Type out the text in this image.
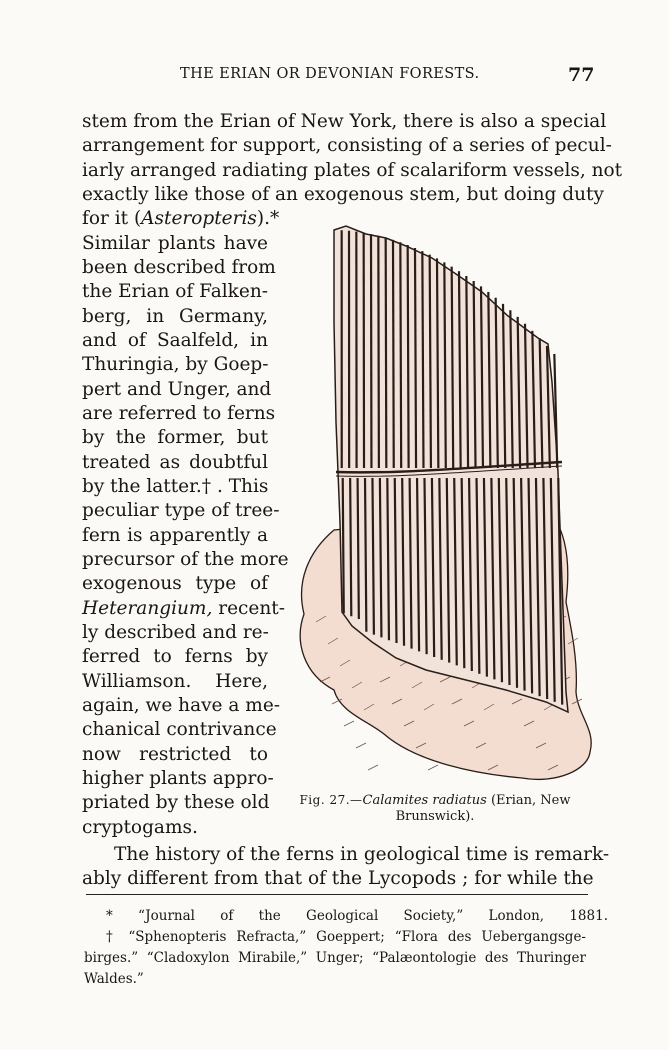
THE ERIAN OR DEVONIAN FORESTS.	77
stem from the Erian of New York, there is also a special
arrangement for support, consisting of a series of pecul-
iarly arranged radiating plates of scalariform vessels, not
exactly like those of an exogenous stem, but doing duty
for it (Asteropteris).*
Similar plants have
been described from
the Erian of Falken-
berg, in Germany,
and of Saalfeld, in
Thuringia, by Goep-
pert and Unger, and
are referred to ferns
by the former, but
treated as doubtful
by the latter.† . This
peculiar type of tree-
fern is apparently a
precursor of the more
exogenous type of
Heterangium, recent-
ly described and re-
ferred to ferns by
Williamson. Here,
again, we have a me-
chanical contrivance
now restricted to
higher plants appro-
priated by these old
cryptogams.
Fig. 27.—Calamites radiatus (Erian, New Brunswick).
The history of the ferns in geological time is remark-
ably different from that of the Lycopods ; for while the
* “Journal of the Geological Society,” London, 1881.
† “Sphenopteris Refracta,” Goeppert; “Flora des Uebergangsge-
birges.” “Cladoxylon Mirabile,” Unger; “Palæontologie des Thuringer
Waldes.”
